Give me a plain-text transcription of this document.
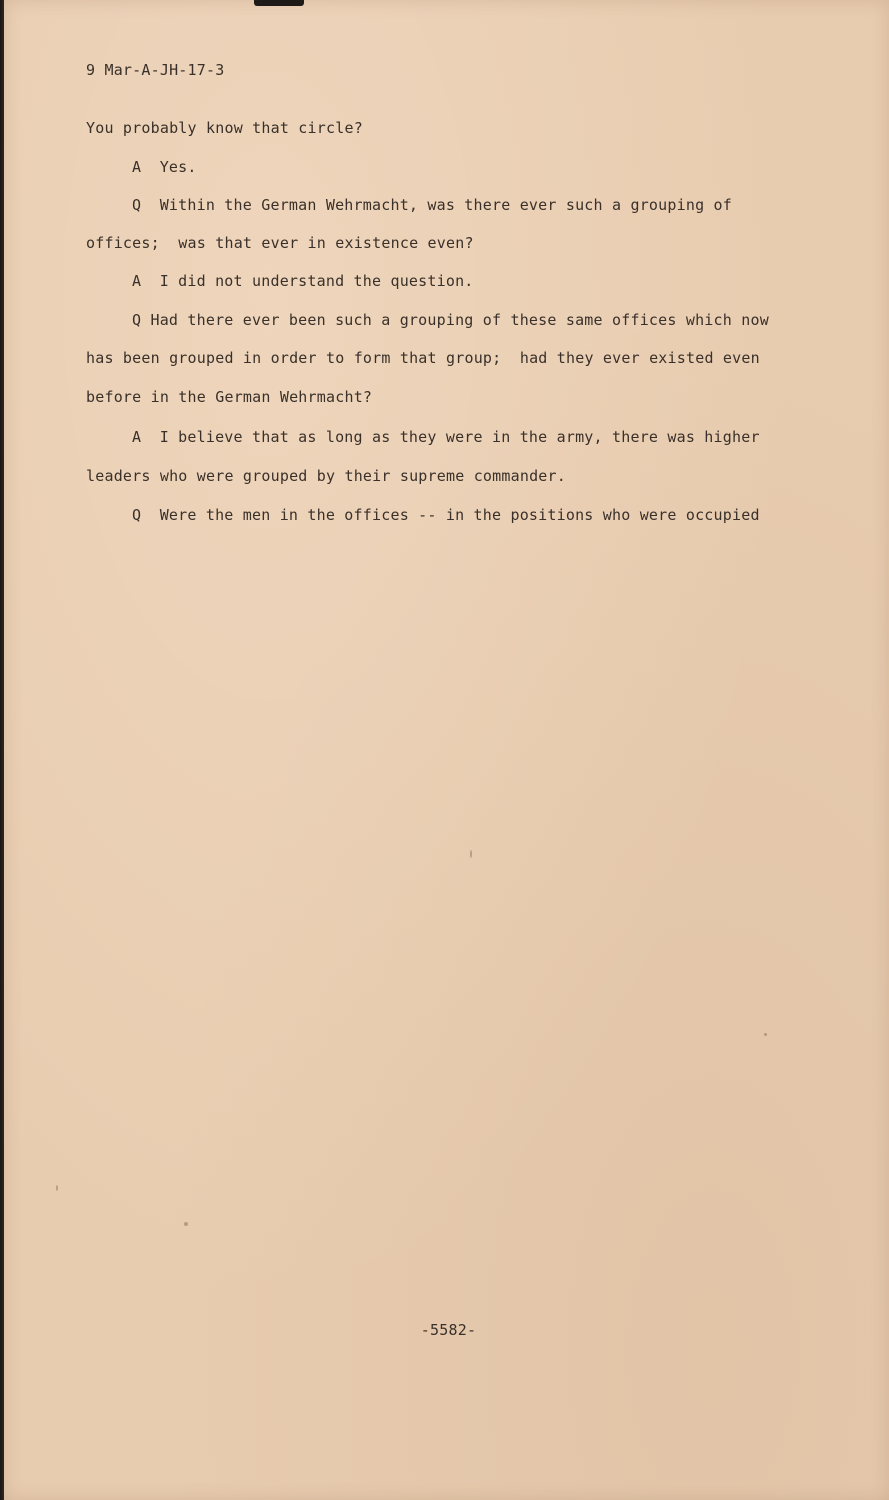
9 Mar-A-JH-17-3

You probably know that circle?

A  Yes.

Q  Within the German Wehrmacht, was there ever such a grouping of

offices;  was that ever in existence even?

A  I did not understand the question.

Q Had there ever been such a grouping of these same offices which now

has been grouped in order to form that group;  had they ever existed even

before in the German Wehrmacht?

A  I believe that as long as they were in the army, there was higher

leaders who were grouped by their supreme commander.

Q  Were the men in the offices -- in the positions who were occupied

-5582-
